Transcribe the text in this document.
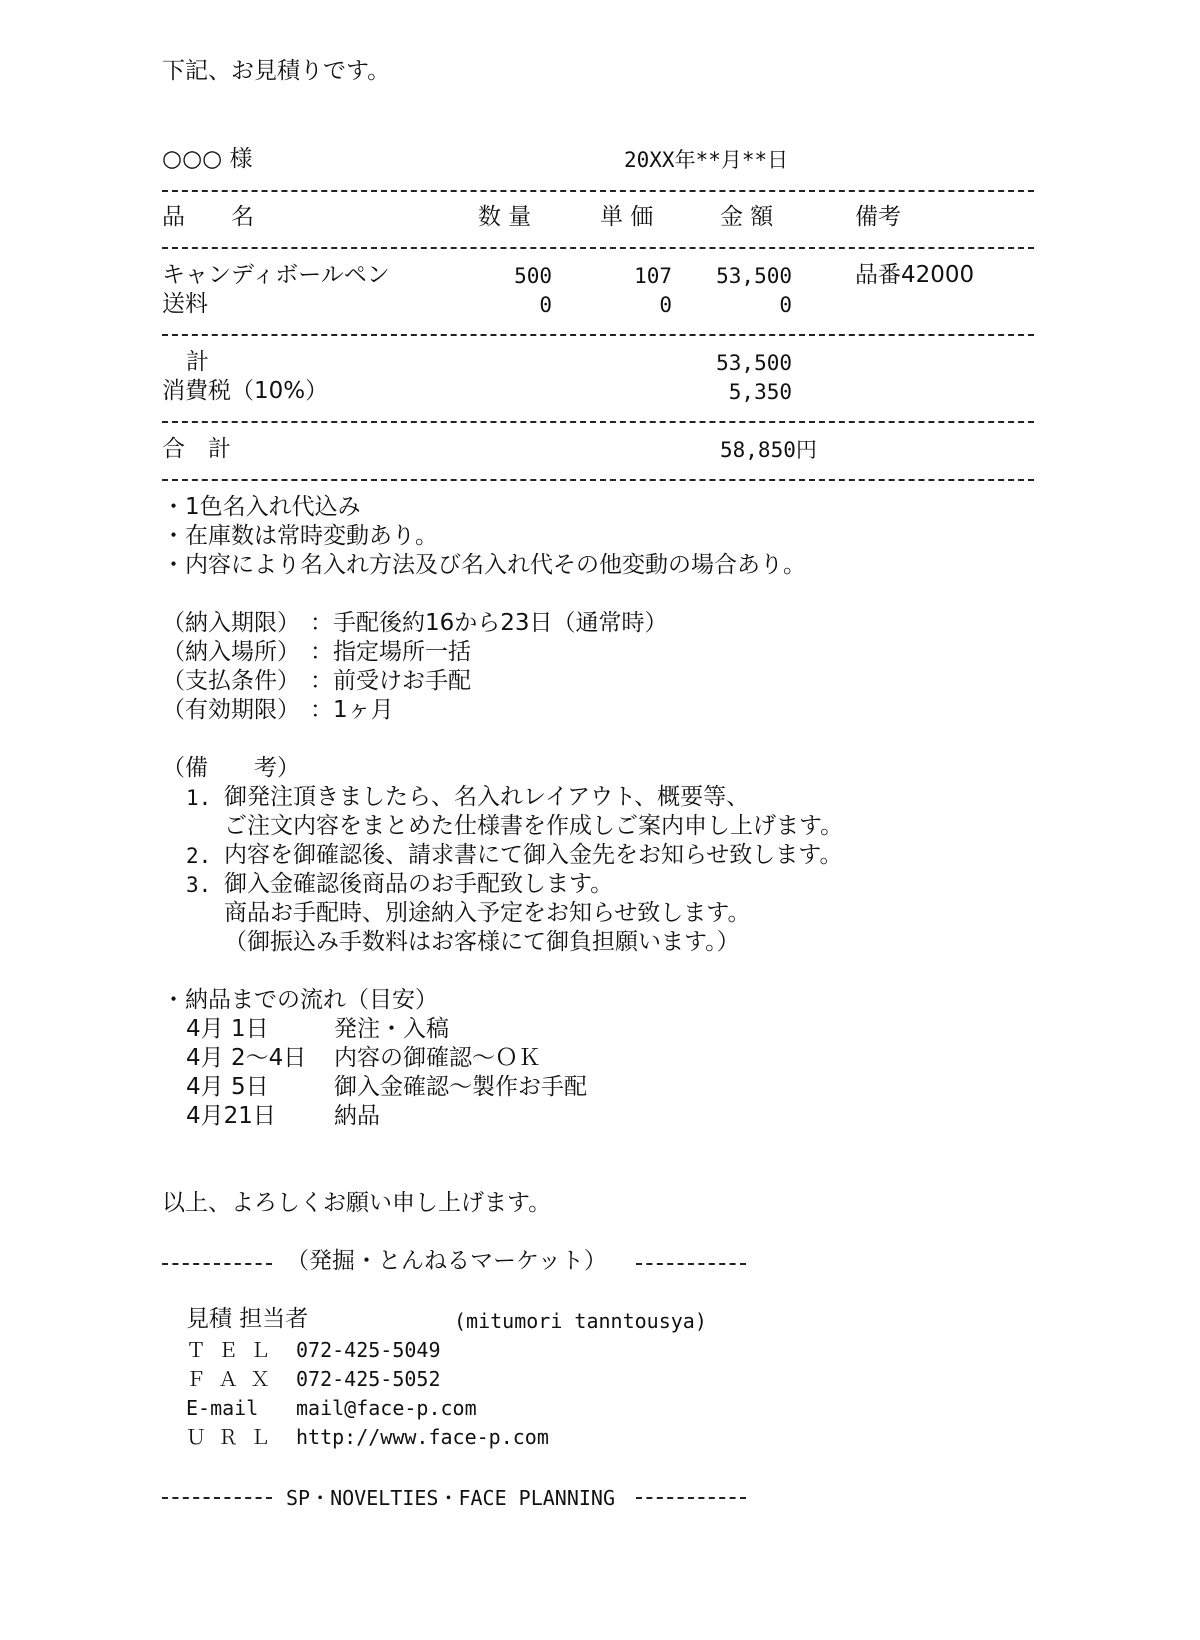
下記、お見積りです。
○○○ 様	20XX年**月**日
品　　名	数 量	単 価	金 額	備考
キャンディボールペン	500	107	53,500	品番42000
送料	0	0	0
計	53,500
消費税（10%）	5,350
合　計	58,850円
・1色名入れ代込み
・在庫数は常時変動あり。
・内容により名入れ方法及び名入れ代その他変動の場合あり。
（納入期限） ：手配後約16から23日（通常時）
（納入場所） ：指定場所一括
（支払条件） ：前受けお手配
（有効期限） ：1ヶ月
（備　　考）
1. 御発注頂きましたら、名入れレイアウト、概要等、
ご注文内容をまとめた仕様書を作成しご案内申し上げます。
2. 内容を御確認後、請求書にて御入金先をお知らせ致します。
3. 御入金確認後商品のお手配致します。
商品お手配時、別途納入予定をお知らせ致します。
（御振込み手数料はお客様にて御負担願います。）
・納品までの流れ（目安）
4月 1日	発注・入稿
4月 2〜4日 内容の御確認〜ＯＫ
4月 5日	御入金確認〜製作お手配
4月21日	納品
以上、よろしくお願い申し上げます。
（発掘・とんねるマーケット）
見積 担当者	(mitumori tanntousya)
Ｔ Ｅ Ｌ 072-425-5049
Ｆ Ａ Ｘ 072-425-5052
E-mail mail@face-p.com
Ｕ Ｒ Ｌ http://www.face-p.com
SP・NOVELTIES・FACE PLANNING
